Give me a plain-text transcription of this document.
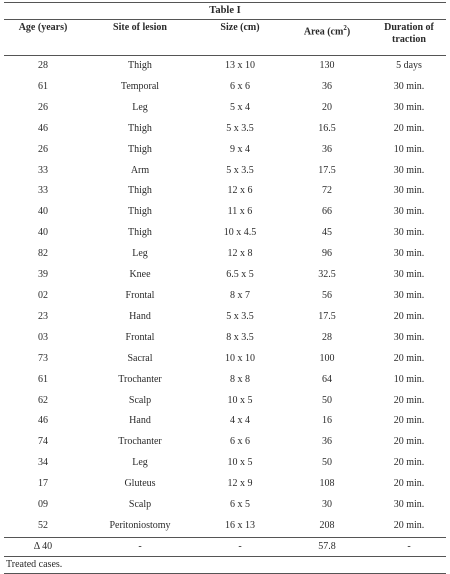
Table I
Age (years)	Site of lesion	Size (cm)	Area $(cm^2)$	Duration of
traction
28	Thigh	13 x 10	130	5 days
61	Temporal	6 x 6	36	30 min.
26	Leg	5 x 4	20	30 min.
46	Thigh	5 x 3.5	16.5	20 min.
26	Thigh	9 x 4	36	10 min.
33	Arm	5 x 3.5	17.5	30 min.
33	Thigh	12 x 6	72	30 min.
40	Thigh	11 x 6	66	30 min.
40	Thigh	10 x 4.5	45	30 min.
82	Leg	12 x 8	96	30 min.
39	Knee	6.5 x 5	32.5	30 min.
02	Frontal	8 x 7	56	30 min.
23	Hand	5 x 3.5	17.5	20 min.
03	Frontal	8 x 3.5	28	30 min.
73	Sacral	10 x 10	100	20 min.
61	Trochanter	8 x 8	64	10 min.
62	Scalp	10 x 5	50	20 min.
46	Hand	4 x 4	16	20 min.
74	Trochanter	6 x 6	36	20 min.
34	Leg	10 x 5	50	20 min.
17	Gluteus	12 x 9	108	20 min.
09	Scalp	6 x 5	30	30 min.
52	Peritoniostomy	16 x 13	208	20 min.
Δ 40	-	-	57.8	-
Treated cases.
